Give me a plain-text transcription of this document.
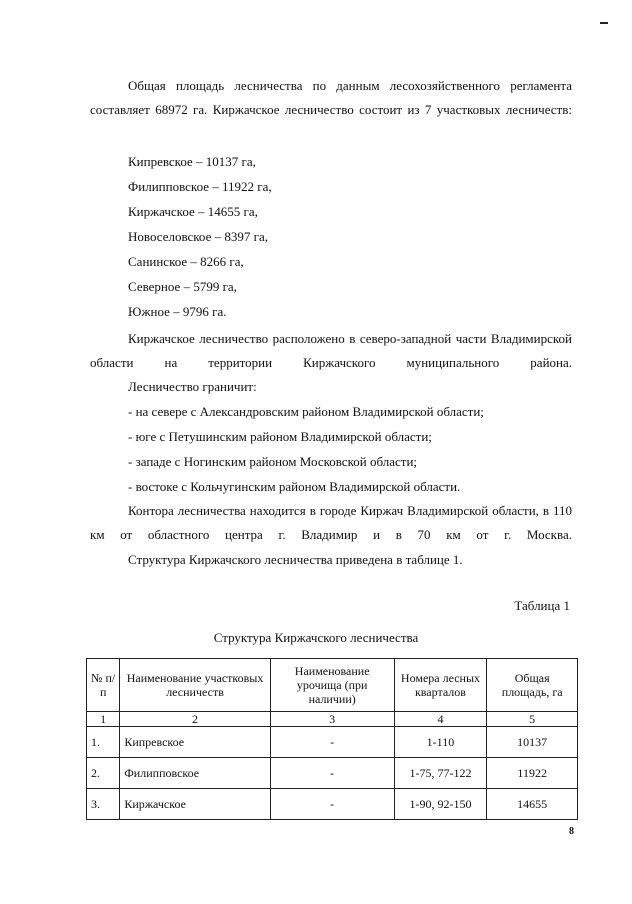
Общая площадь лесничества по данным лесохозяйственного регламента составляет 68972 га. Киржачское лесничество состоит из 7 участковых лесничеств:
Кипревское – 10137 га,
Филипповское – 11922 га,
Киржачское – 14655 га,
Новоселовское – 8397 га,
Санинское – 8266 га,
Северное – 5799 га,
Южное – 9796 га.
Киржачское лесничество расположено в северо-западной части Владимирской области на территории Киржачского муниципального района.
Лесничество граничит:
- на севере с Александровским районом Владимирской области;
- юге с Петушинским районом Владимирской области;
- западе с Ногинским районом Московской области;
- востоке с Кольчугинским районом Владимирской области.
Контора лесничества находится в городе Киржач Владимирской области, в 110 км от областного центра г. Владимир и в 70 км от г. Москва.
Структура Киржачского лесничества приведена в таблице 1.
Таблица 1
Структура Киржачского лесничества
№ п/п	Наименование участковых лесничеств	Наименование урочища (при наличии)	Номера лесных кварталов	Общая площадь, га
1	2	3	4	5
1.	Кипревское	-	1-110	10137
2.	Филипповское	-	1-75, 77-122	11922
3.	Киржачское	-	1-90, 92-150	14655
8
